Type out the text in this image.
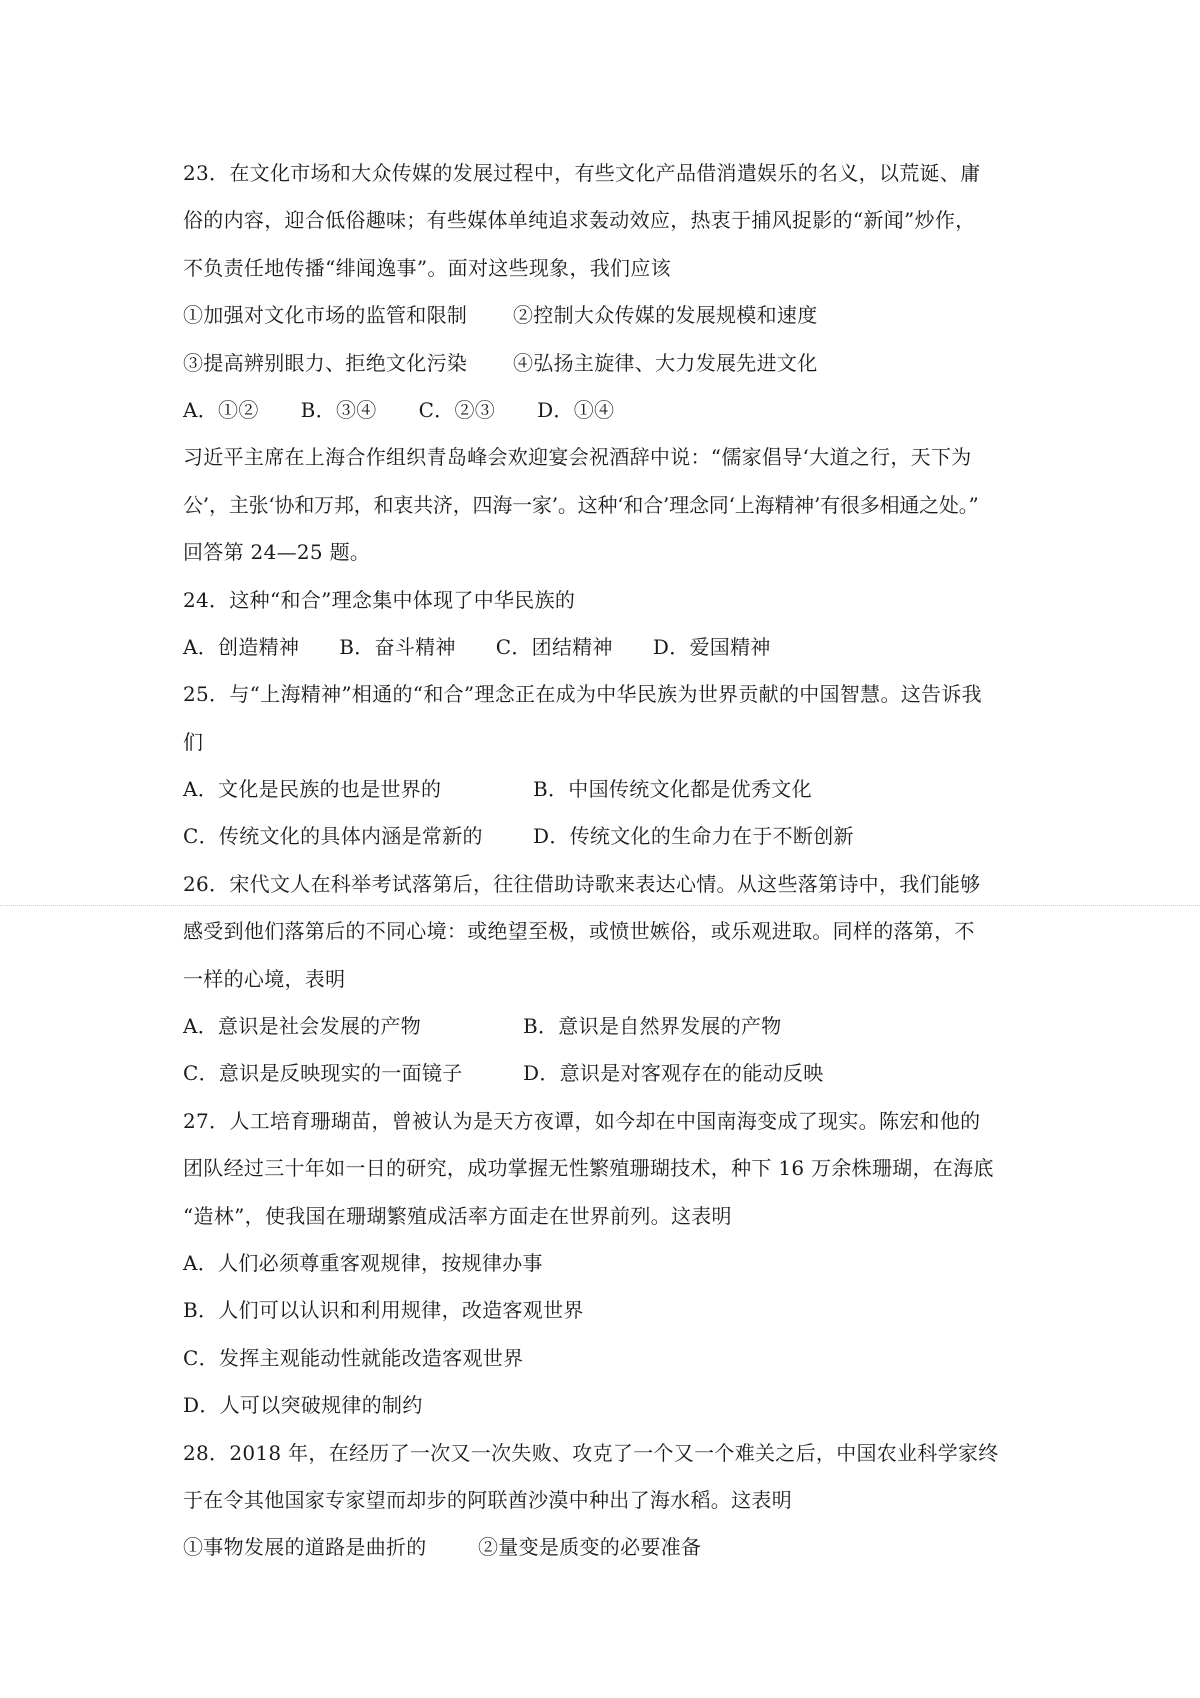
23．在文化市场和大众传媒的发展过程中，有些文化产品借消遣娱乐的名义，以荒诞、庸
俗的内容，迎合低俗趣味；有些媒体单纯追求轰动效应，热衷于捕风捉影的“新闻”炒作，
不负责任地传播“绯闻逸事”。面对这些现象，我们应该
①加强对文化市场的监管和限制	②控制大众传媒的发展规模和速度
③提高辨别眼力、拒绝文化污染	④弘扬主旋律、大力发展先进文化
A．①② B．③④ C．②③ D．①④
习近平主席在上海合作组织青岛峰会欢迎宴会祝酒辞中说：“儒家倡导‘大道之行，天下为
公’，主张‘协和万邦，和衷共济，四海一家’。这种‘和合’理念同‘上海精神’有很多相通之处。”
回答第 24—25 题。
24．这种“和合”理念集中体现了中华民族的
A．创造精神 B．奋斗精神 C．团结精神 D．爱国精神
25．与“上海精神”相通的“和合”理念正在成为中华民族为世界贡献的中国智慧。这告诉我
们
A．文化是民族的也是世界的	B．中国传统文化都是优秀文化
C．传统文化的具体内涵是常新的	D．传统文化的生命力在于不断创新
26．宋代文人在科举考试落第后，往往借助诗歌来表达心情。从这些落第诗中，我们能够
感受到他们落第后的不同心境：或绝望至极，或愤世嫉俗，或乐观进取。同样的落第，不
一样的心境，表明
A．意识是社会发展的产物	B．意识是自然界发展的产物
C．意识是反映现实的一面镜子	D．意识是对客观存在的能动反映
27．人工培育珊瑚苗，曾被认为是天方夜谭，如今却在中国南海变成了现实。陈宏和他的
团队经过三十年如一日的研究，成功掌握无性繁殖珊瑚技术，种下 16 万余株珊瑚，在海底
“造林”，使我国在珊瑚繁殖成活率方面走在世界前列。这表明
A．人们必须尊重客观规律，按规律办事
B．人们可以认识和利用规律，改造客观世界
C．发挥主观能动性就能改造客观世界
D．人可以突破规律的制约
28．2018 年，在经历了一次又一次失败、攻克了一个又一个难关之后，中国农业科学家终
于在令其他国家专家望而却步的阿联酋沙漠中种出了海水稻。这表明
①事物发展的道路是曲折的	②量变是质变的必要准备
